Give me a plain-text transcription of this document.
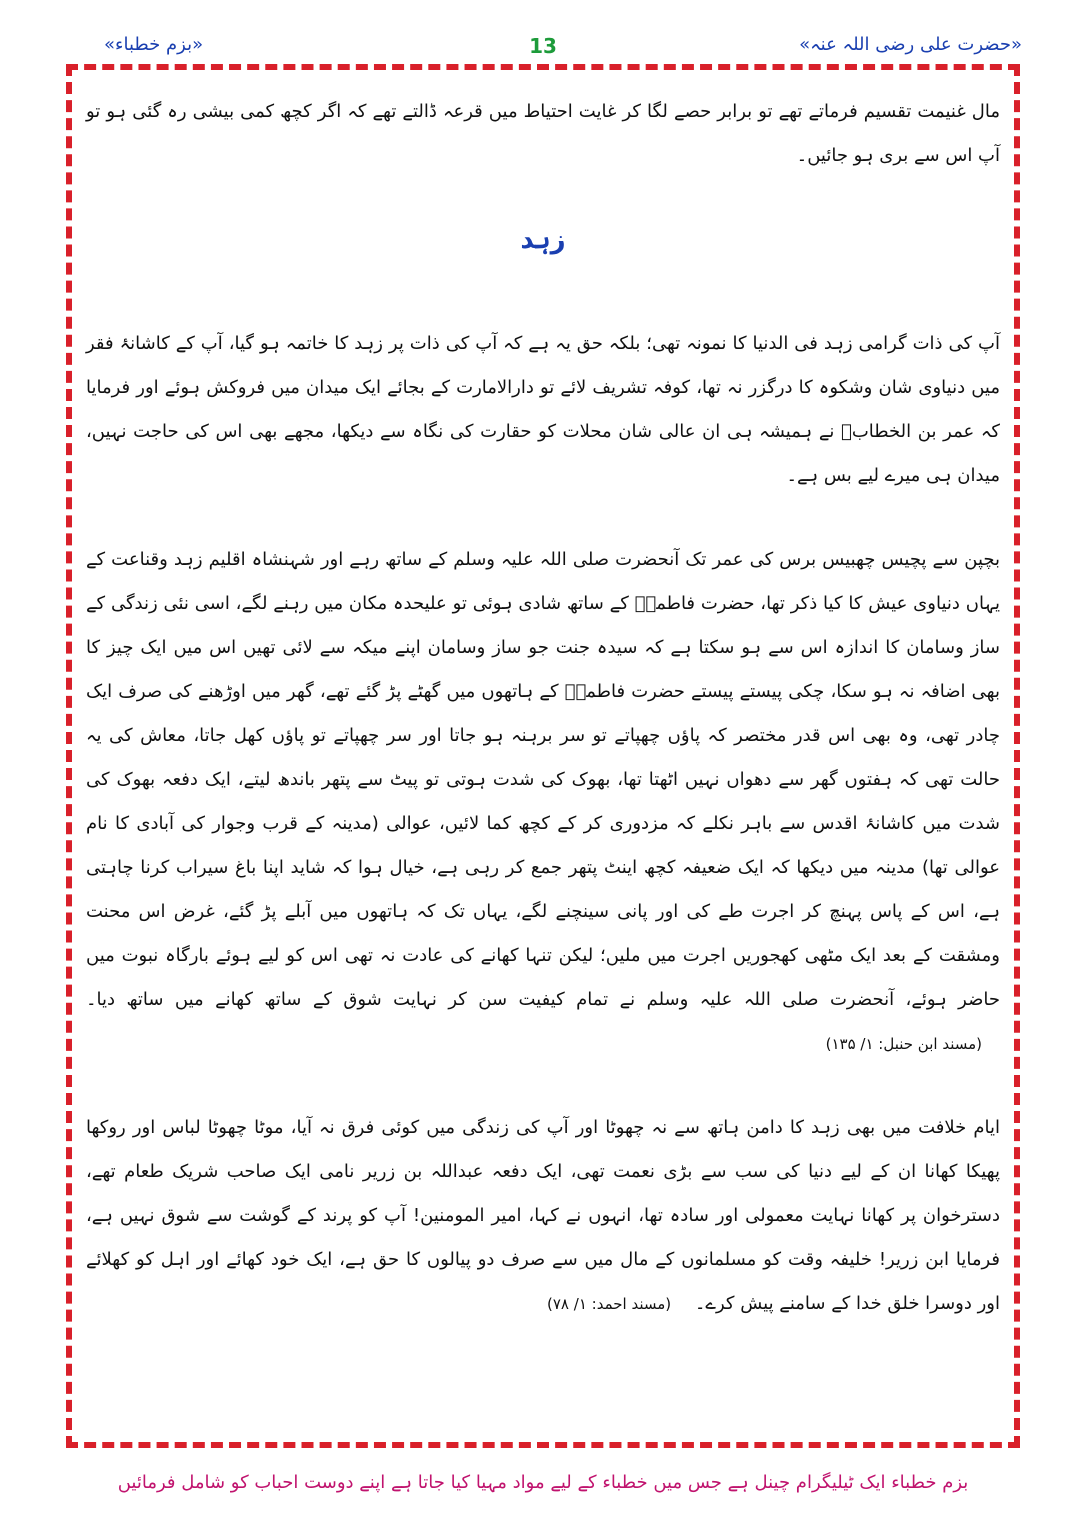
«حضرت علی رضی اللہ عنہ»
13
«بزم خطباء»

مال غنیمت تقسیم فرماتے تھے تو برابر حصے لگا کر غایت احتیاط میں قرعہ ڈالتے تھے کہ اگر کچھ کمی بیشی رہ گئی ہو تو آپ اس سے بری ہو جائیں۔

زہد

آپ کی ذات گرامی زہد فی الدنیا کا نمونہ تھی؛ بلکہ حق یہ ہے کہ آپ کی ذات پر زہد کا خاتمہ ہو گیا، آپ کے کاشانۂ فقر میں دنیاوی شان وشکوہ کا درگزر نہ تھا، کوفہ تشریف لائے تو دارالامارت کے بجائے ایک میدان میں فروکش ہوئے اور فرمایا کہ عمر بن الخطابؓ نے ہمیشہ ہی ان عالی شان محلات کو حقارت کی نگاہ سے دیکھا، مجھے بھی اس کی حاجت نہیں، میدان ہی میرے لیے بس ہے۔

بچپن سے پچیس چھبیس برس کی عمر تک آنحضرت صلی اللہ علیہ وسلم کے ساتھ رہے اور شہنشاہ اقلیم زہد وقناعت کے یہاں دنیاوی عیش کا کیا ذکر تھا، حضرت فاطمہؓ کے ساتھ شادی ہوئی تو علیحدہ مکان میں رہنے لگے، اسی نئی زندگی کے ساز وسامان کا اندازہ اس سے ہو سکتا ہے کہ سیدہ جنت جو ساز وسامان اپنے میکہ سے لائی تھیں اس میں ایک چیز کا بھی اضافہ نہ ہو سکا، چکی پیستے پیستے حضرت فاطمہؓ کے ہاتھوں میں گھٹے پڑ گئے تھے، گھر میں اوڑھنے کی صرف ایک چادر تھی، وہ بھی اس قدر مختصر کہ پاؤں چھپاتے تو سر برہنہ ہو جاتا اور سر چھپاتے تو پاؤں کھل جاتا، معاش کی یہ حالت تھی کہ ہفتوں گھر سے دھواں نہیں اٹھتا تھا، بھوک کی شدت ہوتی تو پیٹ سے پتھر باندھ لیتے، ایک دفعہ بھوک کی شدت میں کاشانۂ اقدس سے باہر نکلے کہ مزدوری کر کے کچھ کما لائیں، عوالی (مدینہ کے قرب وجوار کی آبادی کا نام عوالی تھا) مدینہ میں دیکھا کہ ایک ضعیفہ کچھ اینٹ پتھر جمع کر رہی ہے، خیال ہوا کہ شاید اپنا باغ سیراب کرنا چاہتی ہے، اس کے پاس پہنچ کر اجرت طے کی اور پانی سینچنے لگے، یہاں تک کہ ہاتھوں میں آبلے پڑ گئے، غرض اس محنت ومشقت کے بعد ایک مٹھی کھجوریں اجرت میں ملیں؛ لیکن تنہا کھانے کی عادت نہ تھی اس کو لیے ہوئے بارگاہ نبوت میں حاضر ہوئے، آنحضرت صلی اللہ علیہ وسلم نے تمام کیفیت سن کر نہایت شوق کے ساتھ کھانے میں ساتھ دیا۔ (مسند ابن حنبل: ۱/ ۱۳۵)

ایام خلافت میں بھی زہد کا دامن ہاتھ سے نہ چھوٹا اور آپ کی زندگی میں کوئی فرق نہ آیا، موٹا چھوٹا لباس اور روکھا پھیکا کھانا ان کے لیے دنیا کی سب سے بڑی نعمت تھی، ایک دفعہ عبداللہ بن زریر نامی ایک صاحب شریک طعام تھے، دسترخوان پر کھانا نہایت معمولی اور سادہ تھا، انہوں نے کہا، امیر المومنین! آپ کو پرند کے گوشت سے شوق نہیں ہے، فرمایا ابن زریر! خلیفہ وقت کو مسلمانوں کے مال میں سے صرف دو پیالوں کا حق ہے، ایک خود کھائے اور اہل کو کھلائے اور دوسرا خلق خدا کے سامنے پیش کرے۔ (مسند احمد: ۱/ ۷۸)

بزم خطباء ایک ٹیلیگرام چینل ہے جس میں خطباء کے لیے مواد مہیا کیا جاتا ہے اپنے دوست احباب کو شامل فرمائیں
